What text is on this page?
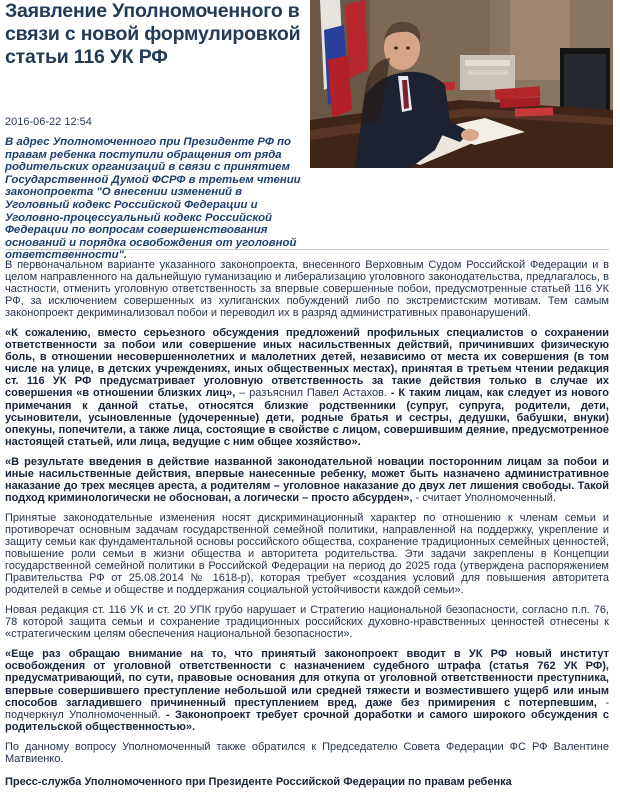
Заявление Уполномоченного в связи с новой формулировкой статьи 116 УК РФ
2016-06-22 12:54

В адрес Уполномоченного при Президенте РФ по правам ребенка поступили обращения от ряда родительских организаций в связи с принятием Государственной Думой ФСРФ в третьем чтении законопроекта "О внесении изменений в Уголовный кодекс Российской Федерации и Уголовно-процессуальный кодекс Российской Федерации по вопросам совершенствования оснований и порядка освобождения от уголовной ответственности".

В первоначальном варианте указанного законопроекта, внесенного Верховным Судом Российской Федерации и в целом направленного на дальнейшую гуманизацию и либерализацию уголовного законодательства, предлагалось, в частности, отменить уголовную ответственность за впервые совершенные побои, предусмотренные статьей 116 УК РФ, за исключением совершенных из хулиганских побуждений либо по экстремистским мотивам. Тем самым законопроект декриминализовал побои и переводил их в разряд административных правонарушений.

«К сожалению, вместо серьезного обсуждения предложений профильных специалистов о сохранении ответственности за побои или совершение иных насильственных действий, причинивших физическую боль, в отношении несовершеннолетних и малолетних детей, независимо от места их совершения (в том числе на улице, в детских учреждениях, иных общественных местах), принятая в третьем чтении редакция ст. 116 УК РФ предусматривает уголовную ответственность за такие действия только в случае их совершения «в отношении близких лиц», – разъяснил Павел Астахов. - К таким лицам, как следует из нового примечания к данной статье, относятся близкие родственники (супруг, супруга, родители, дети, усыновители, усыновленные (удочеренные) дети, родные братья и сестры, дедушки, бабушки, внуки) опекуны, попечители, а также лица, состоящие в свойстве с лицом, совершившим деяние, предусмотренное настоящей статьей, или лица, ведущие с ним общее хозяйство».

«В результате введения в действие названной законодательной новации посторонним лицам за побои и иные насильственные действия, впервые нанесенные ребенку, может быть назначено административное наказание до трех месяцев ареста, а родителям – уголовное наказание до двух лет лишения свободы. Такой подход криминологически не обоснован, а логически – просто абсурден», - считает Уполномоченный.

Принятые законодательные изменения носят дискриминационный характер по отношению к членам семьи и противоречат основным задачам государственной семейной политики, направленной на поддержку, укрепление и защиту семьи как фундаментальной основы российского общества, сохранение традиционных семейных ценностей, повышение роли семьи в жизни общества и авторитета родительства. Эти задачи закреплены в Концепции государственной семейной политики в Российской Федерации на период до 2025 года (утверждена распоряжением Правительства РФ от 25.08.2014 № 1618-р), которая требует «создания условий для повышения авторитета родителей в семье и обществе и поддержания социальной устойчивости каждой семьи».

Новая редакция ст. 116 УК и ст. 20 УПК грубо нарушает и Стратегию национальной безопасности, согласно п.п. 76, 78 которой защита семьи и сохранение традиционных российских духовно-нравственных ценностей отнесены к «стратегическим целям обеспечения национальной безопасности».

«Еще раз обращаю внимание на то, что принятый законопроект вводит в УК РФ новый институт освобождения от уголовной ответственности с назначением судебного штрафа (статья 762 УК РФ), предусматривающий, по сути, правовые основания для откупа от уголовной ответственности преступника, впервые совершившего преступление небольшой или средней тяжести и возместившего ущерб или иным способов загладившего причиненный преступлением вред, даже без примирения с потерпевшим, - подчеркнул Уполномоченный. - Законопроект требует срочной доработки и самого широкого обсуждения с родительской общественностью».

По данному вопросу Уполномоченный также обратился к Председателю Совета Федерации ФС РФ Валентине Матвиенко.

Пресс-служба Уполномоченного при Президенте Российской Федерации по правам ребенка
